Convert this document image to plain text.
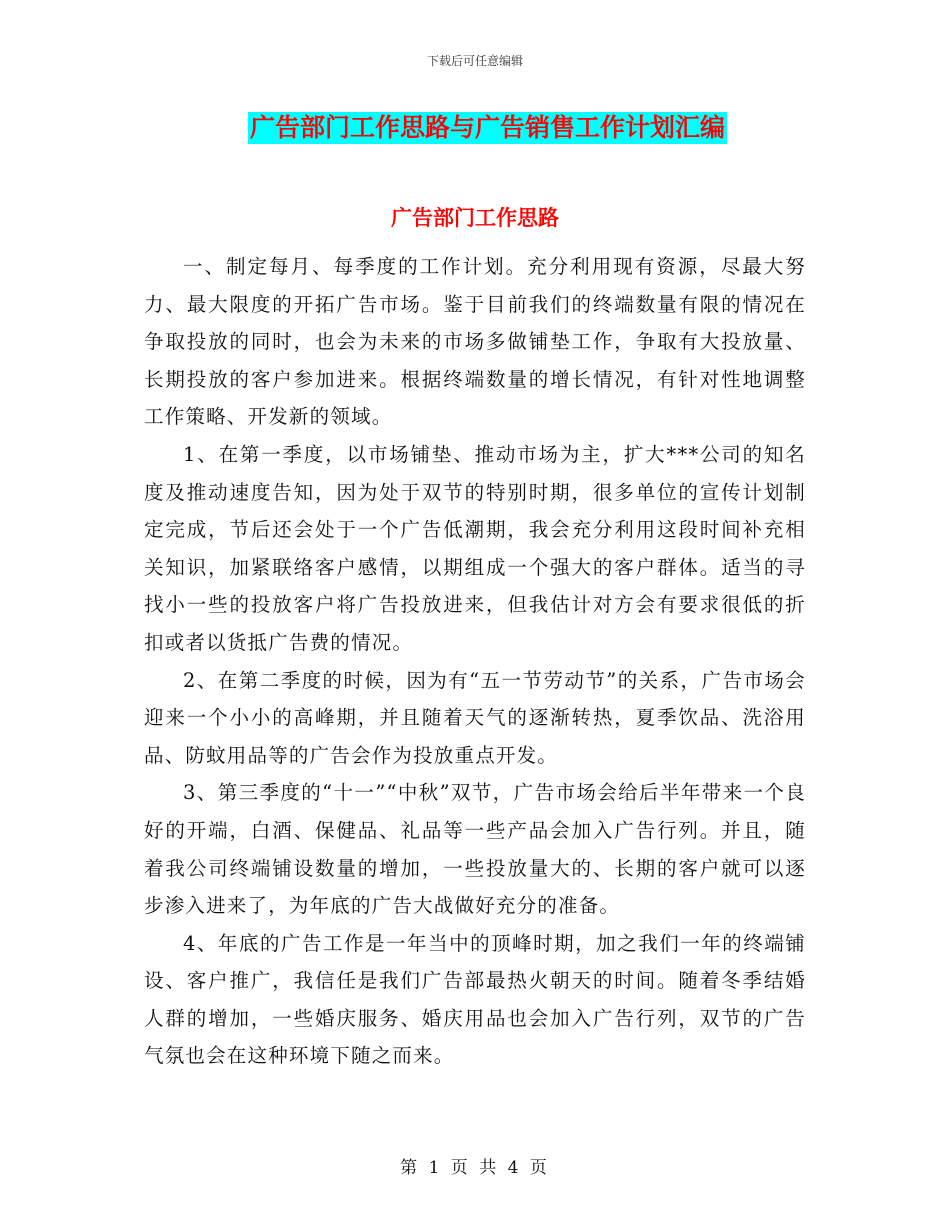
下载后可任意编辑
广告部门工作思路与广告销售工作计划汇编
广告部门工作思路

一、制定每月、每季度的工作计划。充分利用现有资源，尽最大努力、最大限度的开拓广告市场。鉴于目前我们的终端数量有限的情况在争取投放的同时，也会为未来的市场多做铺垫工作，争取有大投放量、长期投放的客户参加进来。根据终端数量的增长情况，有针对性地调整工作策略、开发新的领域。

1、在第一季度，以市场铺垫、推动市场为主，扩大***公司的知名度及推动速度告知，因为处于双节的特别时期，很多单位的宣传计划制定完成，节后还会处于一个广告低潮期，我会充分利用这段时间补充相关知识，加紧联络客户感情，以期组成一个强大的客户群体。适当的寻找小一些的投放客户将广告投放进来，但我估计对方会有要求很低的折扣或者以货抵广告费的情况。

2、在第二季度的时候，因为有“五一节劳动节”的关系，广告市场会迎来一个小小的高峰期，并且随着天气的逐渐转热，夏季饮品、洗浴用品、防蚊用品等的广告会作为投放重点开发。

3、第三季度的“十一”“中秋”双节，广告市场会给后半年带来一个良好的开端，白酒、保健品、礼品等一些产品会加入广告行列。并且，随着我公司终端铺设数量的增加，一些投放量大的、长期的客户就可以逐步渗入进来了，为年底的广告大战做好充分的准备。

4、年底的广告工作是一年当中的顶峰时期，加之我们一年的终端铺设、客户推广，我信任是我们广告部最热火朝天的时间。随着冬季结婚人群的增加，一些婚庆服务、婚庆用品也会加入广告行列，双节的广告气氛也会在这种环境下随之而来。

第 1 页 共 4 页
